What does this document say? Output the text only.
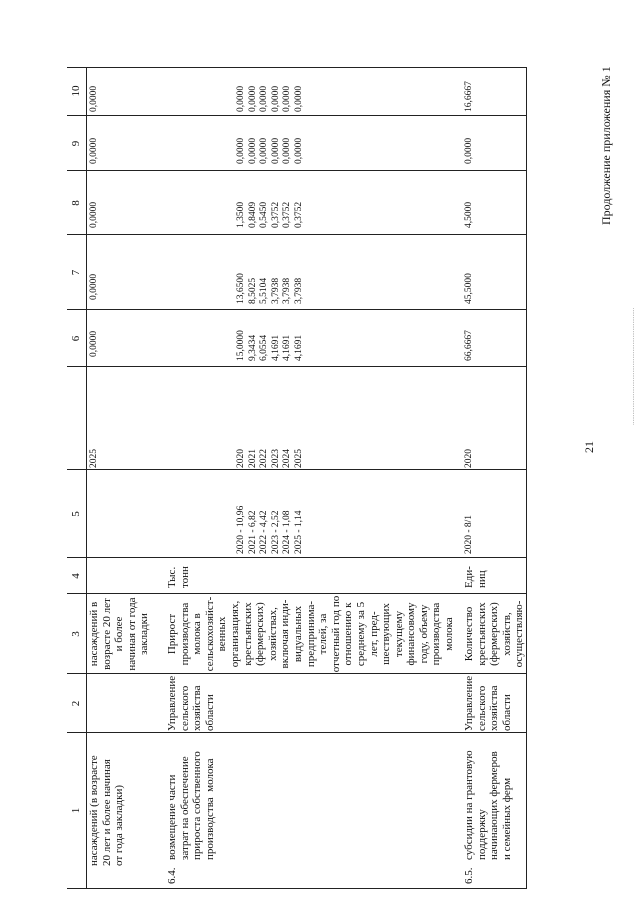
...................................................................
21
Продолжение приложения № 1
1
2
3
4
5
6
7
8
9
10
насаждений (в возрасте
20 лет и более начиная
от года закладки)
насаждений в
возрасте 20 лет
и более
начиная от года
закладки
2025
0,0000
0,0000
0,0000
0,0000
0,0000
6.4.
возмещение части
затрат на обеспечение
прироста собственного
производства  молока
Управление
сельского
хозяйства
области
Прирост
производства
молока в
сельскохозяйст-
венных
организациях,
крестьянских
(фермерских)
хозяйствах,
включая инди-
видуальных
предпринима-
телей, за
отчетный год по
отношению к
среднему за 5
лет, пред-
шествующих
текущему
финансовому
году, объему
производства
молока
Тыс.
тонн
2020 - 10,96
2021 - 6,82
2022 - 4,42
2023 - 2,52
2024 - 1,08
2025 - 1,14
2020
2021
2022
2023
2024
2025
15,0000
9,3434
6,0554
4,1691
4,1691
4,1691
13,6500
8,5025
5,5104
3,7938
3,7938
3,7938
1,3500
0,8409
0,5450
0,3752
0,3752
0,3752
0,0000
0,0000
0,0000
0,0000
0,0000
0,0000
0,0000
0,0000
0,0000
0,0000
0,0000
0,0000
6.5.
субсидии на грантовую
поддержку
начинающих фермеров
и семейных ферм
Управление
сельского
хозяйства
области
Количество
крестьянских
(фермерских)
хозяйств,
осуществляю-
Еди-
ниц
2020 - 8/1
2020
66,6667
45,5000
4,5000
0,0000
16,6667
